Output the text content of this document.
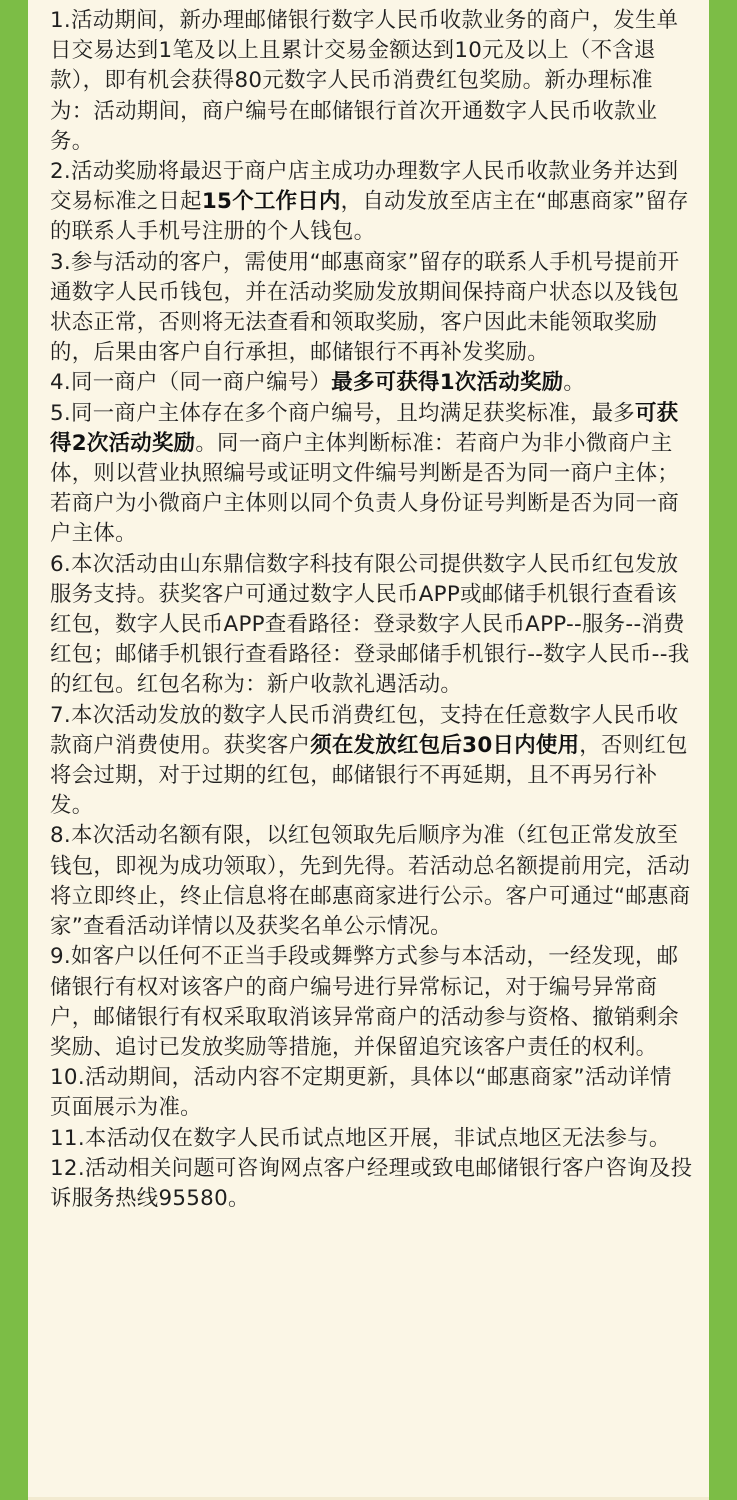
1.活动期间，新办理邮储银行数字人民币收款业务的商户，发生单日交易达到1笔及以上且累计交易金额达到10元及以上（不含退款），即有机会获得80元数字人民币消费红包奖励。新办理标准为：活动期间，商户编号在邮储银行首次开通数字人民币收款业务。

2.活动奖励将最迟于商户店主成功办理数字人民币收款业务并达到交易标准之日起15个工作日内，自动发放至店主在“邮惠商家”留存的联系人手机号注册的个人钱包。

3.参与活动的客户，需使用“邮惠商家”留存的联系人手机号提前开通数字人民币钱包，并在活动奖励发放期间保持商户状态以及钱包状态正常，否则将无法查看和领取奖励，客户因此未能领取奖励的，后果由客户自行承担，邮储银行不再补发奖励。

4.同一商户（同一商户编号）最多可获得1次活动奖励。

5.同一商户主体存在多个商户编号，且均满足获奖标准，最多可获得2次活动奖励。同一商户主体判断标准：若商户为非小微商户主体，则以营业执照编号或证明文件编号判断是否为同一商户主体；若商户为小微商户主体则以同个负责人身份证号判断是否为同一商户主体。

6.本次活动由山东鼎信数字科技有限公司提供数字人民币红包发放服务支持。获奖客户可通过数字人民币APP或邮储手机银行查看该红包，数字人民币APP查看路径：登录数字人民币APP--服务--消费红包；邮储手机银行查看路径：登录邮储手机银行--数字人民币--我的红包。红包名称为：新户收款礼遇活动。

7.本次活动发放的数字人民币消费红包，支持在任意数字人民币收款商户消费使用。获奖客户须在发放红包后30日内使用，否则红包将会过期，对于过期的红包，邮储银行不再延期，且不再另行补发。

8.本次活动名额有限，以红包领取先后顺序为准（红包正常发放至钱包，即视为成功领取），先到先得。若活动总名额提前用完，活动将立即终止，终止信息将在邮惠商家进行公示。客户可通过“邮惠商家”查看活动详情以及获奖名单公示情况。

9.如客户以任何不正当手段或舞弊方式参与本活动，一经发现，邮储银行有权对该客户的商户编号进行异常标记，对于编号异常商户，邮储银行有权采取取消该异常商户的活动参与资格、撤销剩余奖励、追讨已发放奖励等措施，并保留追究该客户责任的权利。

10.活动期间，活动内容不定期更新，具体以“邮惠商家”活动详情页面展示为准。

11.本活动仅在数字人民币试点地区开展，非试点地区无法参与。

12.活动相关问题可咨询网点客户经理或致电邮储银行客户咨询及投诉服务热线95580。
